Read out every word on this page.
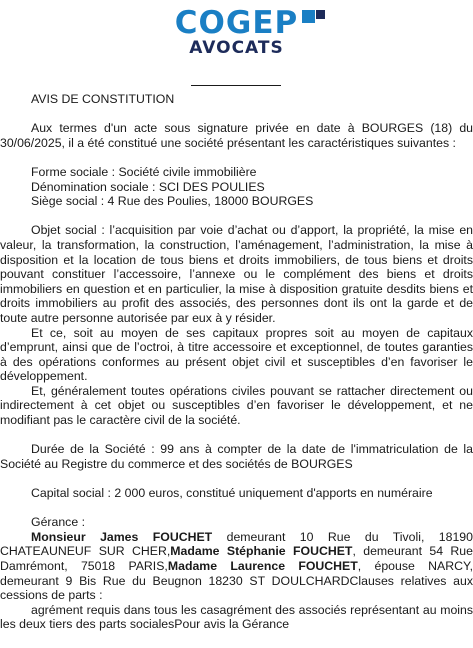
COGEP
AVOCATS

AVIS DE CONSTITUTION

Aux termes d'un acte sous signature privée en date à BOURGES (18) du 30/06/2025, il a été constitué une société présentant les caractéristiques suivantes :

Forme sociale : Société civile immobilière

Dénomination sociale : SCI DES POULIES

Siège social : 4 Rue des Poulies, 18000 BOURGES

Objet social : l’acquisition par voie d’achat ou d’apport, la propriété, la mise en valeur, la transformation, la construction, l’aménagement, l’administration, la mise à disposition et la location de tous biens et droits immobiliers, de tous biens et droits pouvant constituer l’accessoire, l’annexe ou le complément des biens et droits immobiliers en question et en particulier, la mise à disposition gratuite desdits biens et droits immobiliers au profit des associés, des personnes dont ils ont la garde et de toute autre personne autorisée par eux à y résider.

Et ce, soit au moyen de ses capitaux propres soit au moyen de capitaux d’emprunt, ainsi que de l’octroi, à titre accessoire et exceptionnel, de toutes garanties à des opérations conformes au présent objet civil et susceptibles d’en favoriser le développement.

Et, généralement toutes opérations civiles pouvant se rattacher directement ou indirectement à cet objet ou susceptibles d’en favoriser le développement, et ne modifiant pas le caractère civil de la société.

Durée de la Société : 99 ans à compter de la date de l'immatriculation de la Société au Registre du commerce et des sociétés de BOURGES

Capital social : 2 000 euros, constitué uniquement d'apports en numéraire

Gérance :

Monsieur James FOUCHET demeurant 10 Rue du Tivoli, 18190 CHATEAUNEUF SUR CHER,Madame Stéphanie FOUCHET, demeurant 54 Rue Damrémont, 75018 PARIS,Madame Laurence FOUCHET, épouse NARCY, demeurant 9 Bis Rue du Beugnon 18230 ST DOULCHARDClauses relatives aux cessions de parts :

agrément requis dans tous les casagrément des associés représentant au moins les deux tiers des parts socialesPour avis la Gérance
